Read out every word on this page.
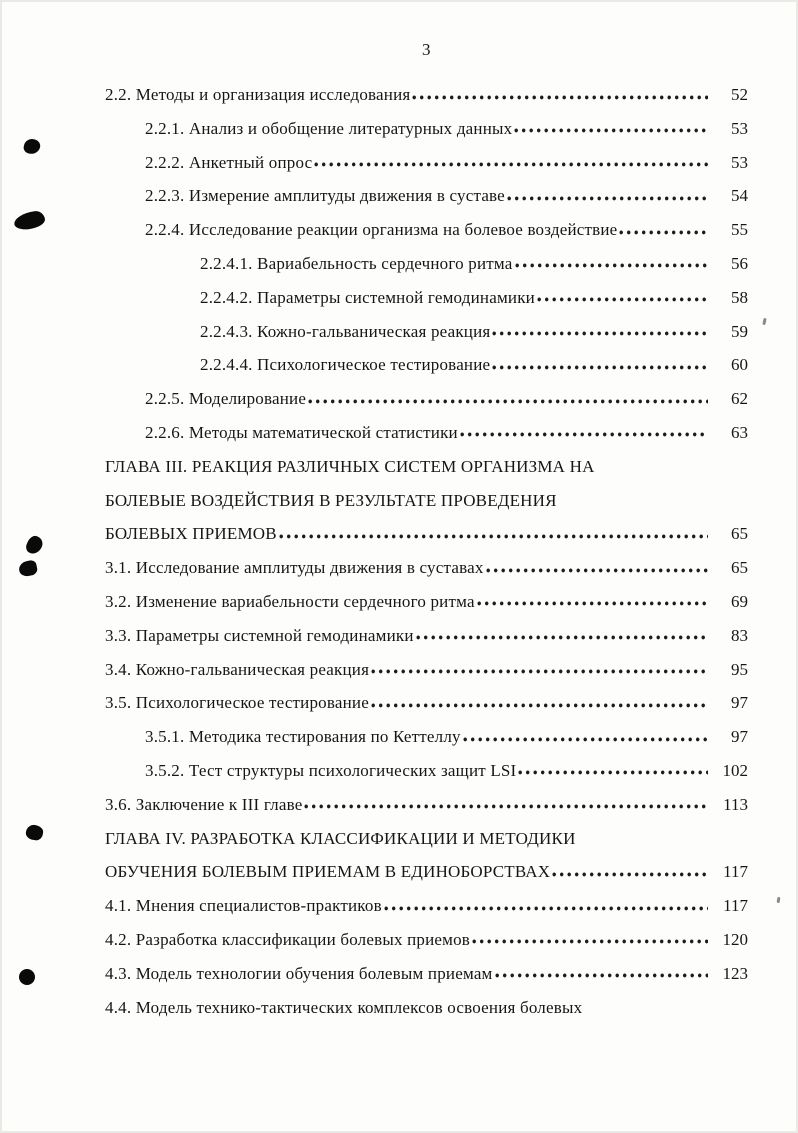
3
2.2. Методы и организация исследования	52
2.2.1. Анализ и обобщение литературных данных	53
2.2.2. Анкетный опрос	53
2.2.3. Измерение амплитуды движения в суставе	54
2.2.4. Исследование реакции организма на болевое воздействие	55
2.2.4.1. Вариабельность сердечного ритма	56
2.2.4.2. Параметры системной гемодинамики	58
2.2.4.3. Кожно-гальваническая реакция	59
2.2.4.4. Психологическое тестирование	60
2.2.5. Моделирование	62
2.2.6. Методы математической статистики	63
ГЛАВА III. РЕАКЦИЯ РАЗЛИЧНЫХ СИСТЕМ ОРГАНИЗМА НА
БОЛЕВЫЕ ВОЗДЕЙСТВИЯ В РЕЗУЛЬТАТЕ ПРОВЕДЕНИЯ
БОЛЕВЫХ ПРИЕМОВ	65
3.1. Исследование амплитуды движения в суставах	65
3.2. Изменение вариабельности сердечного ритма	69
3.3. Параметры системной гемодинамики	83
3.4. Кожно-гальваническая реакция	95
3.5. Психологическое тестирование	97
3.5.1. Методика тестирования по Кеттеллу	97
3.5.2. Тест структуры психологических защит LSI	102
3.6. Заключение к III главе	113
ГЛАВА IV. РАЗРАБОТКА КЛАССИФИКАЦИИ И МЕТОДИКИ
ОБУЧЕНИЯ БОЛЕВЫМ ПРИЕМАМ В ЕДИНОБОРСТВАХ	117
4.1. Мнения специалистов-практиков	117
4.2. Разработка классификации болевых приемов	120
4.3. Модель технологии обучения болевым приемам	123
4.4. Модель технико-тактических комплексов освоения болевых
